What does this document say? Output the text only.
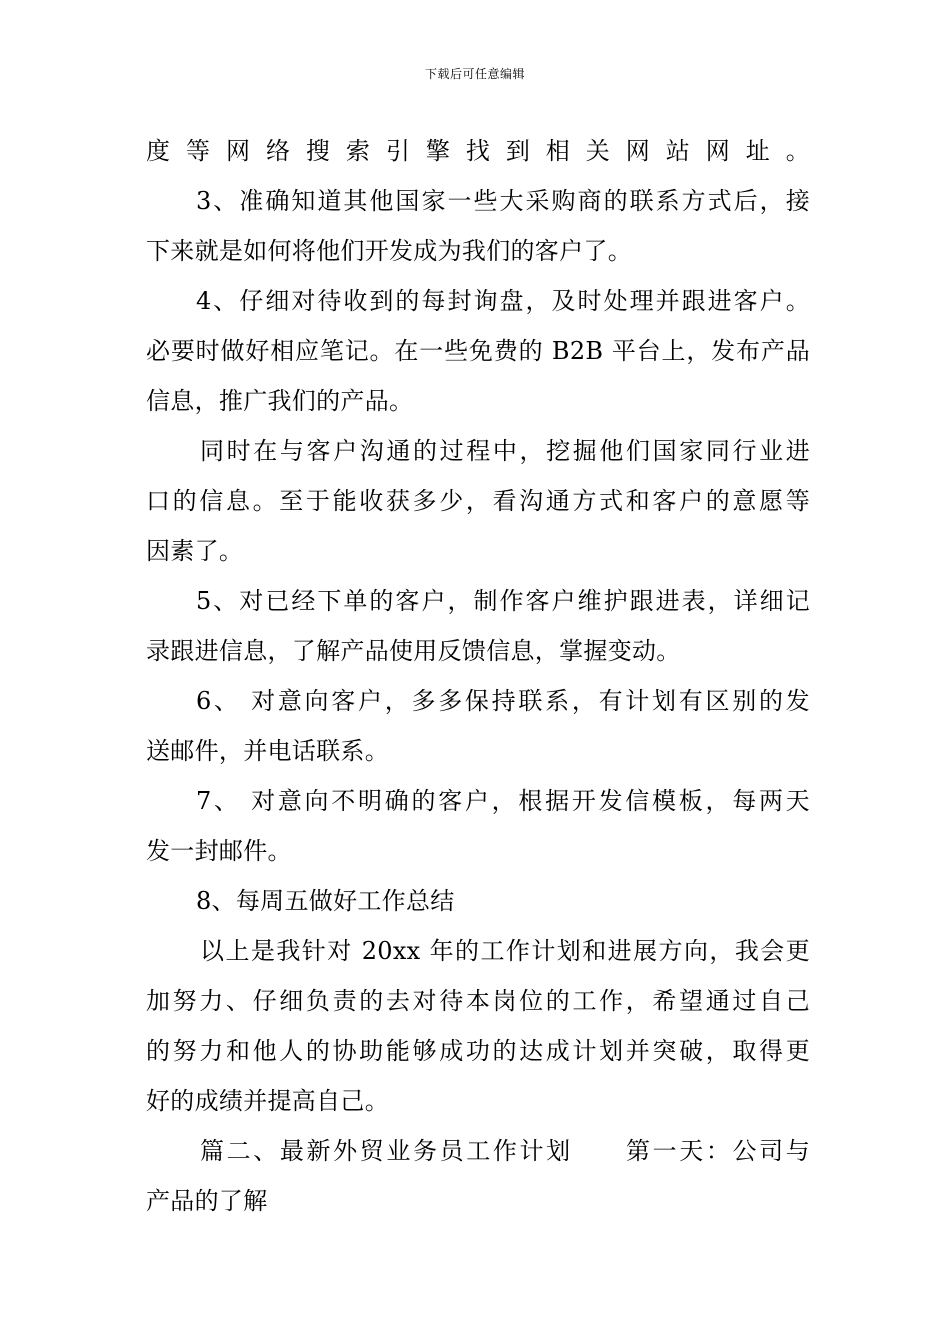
下载后可任意编辑
度等网络搜索引擎找到相关网站网址。
3、准确知道其他国家一些大采购商的联系方式后，接
下来就是如何将他们开发成为我们的客户了。
4、仔细对待收到的每封询盘，及时处理并跟进客户。
必要时做好相应笔记。在一些免费的 B2B 平台上，发布产品
信息，推广我们的产品。
同时在与客户沟通的过程中，挖掘他们国家同行业进
口的信息。至于能收获多少，看沟通方式和客户的意愿等
因素了。
5、对已经下单的客户，制作客户维护跟进表，详细记
录跟进信息，了解产品使用反馈信息，掌握变动。
6、 对意向客户，多多保持联系，有计划有区别的发
送邮件，并电话联系。
7、 对意向不明确的客户，根据开发信模板，每两天
发一封邮件。
8、每周五做好工作总结
以上是我针对 20xx 年的工作计划和进展方向，我会更
加努力、仔细负责的去对待本岗位的工作，希望通过自己
的努力和他人的协助能够成功的达成计划并突破，取得更
好的成绩并提高自己。
篇二、最新外贸业务员工作计划　　第一天：公司与
产品的了解
